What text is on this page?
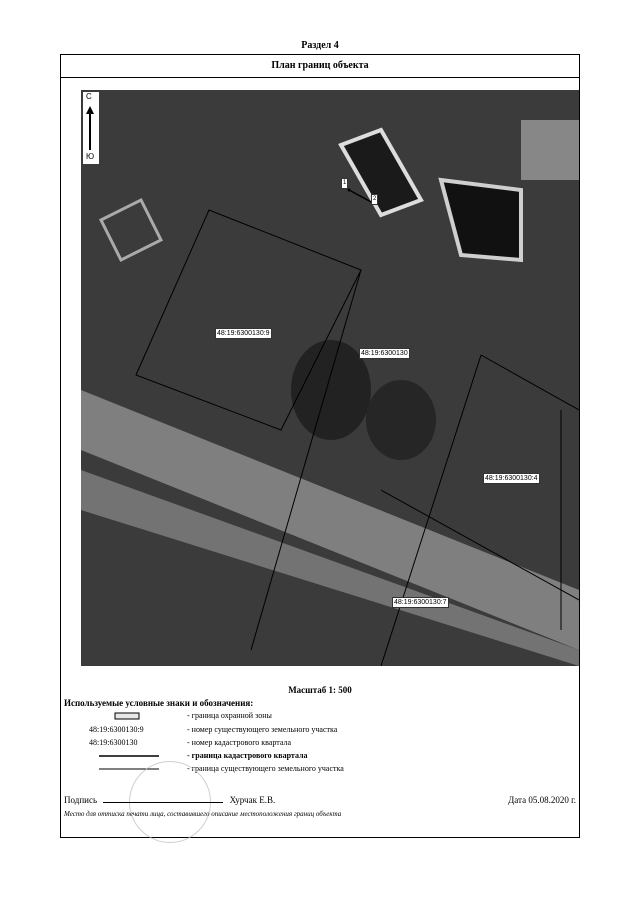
Раздел 4
План границ объекта
С
Ю
48:19:6300130:9
48:19:6300130
48:19:6300130:4
48:19:6300130:7
1
2
Масштаб 1: 500
Используемые условные знаки и обозначения:
- граница охранной зоны
48:19:6300130:9	- номер существующего земельного участка
48:19:6300130	- номер кадастрового квартала
- граница кадастрового квартала
- граница существующего земельного участка
Подпись	Хурчак Е.В.	Дата 05.08.2020 г.
Место для оттиска печати лица, составившего описание местоположения границ объекта
